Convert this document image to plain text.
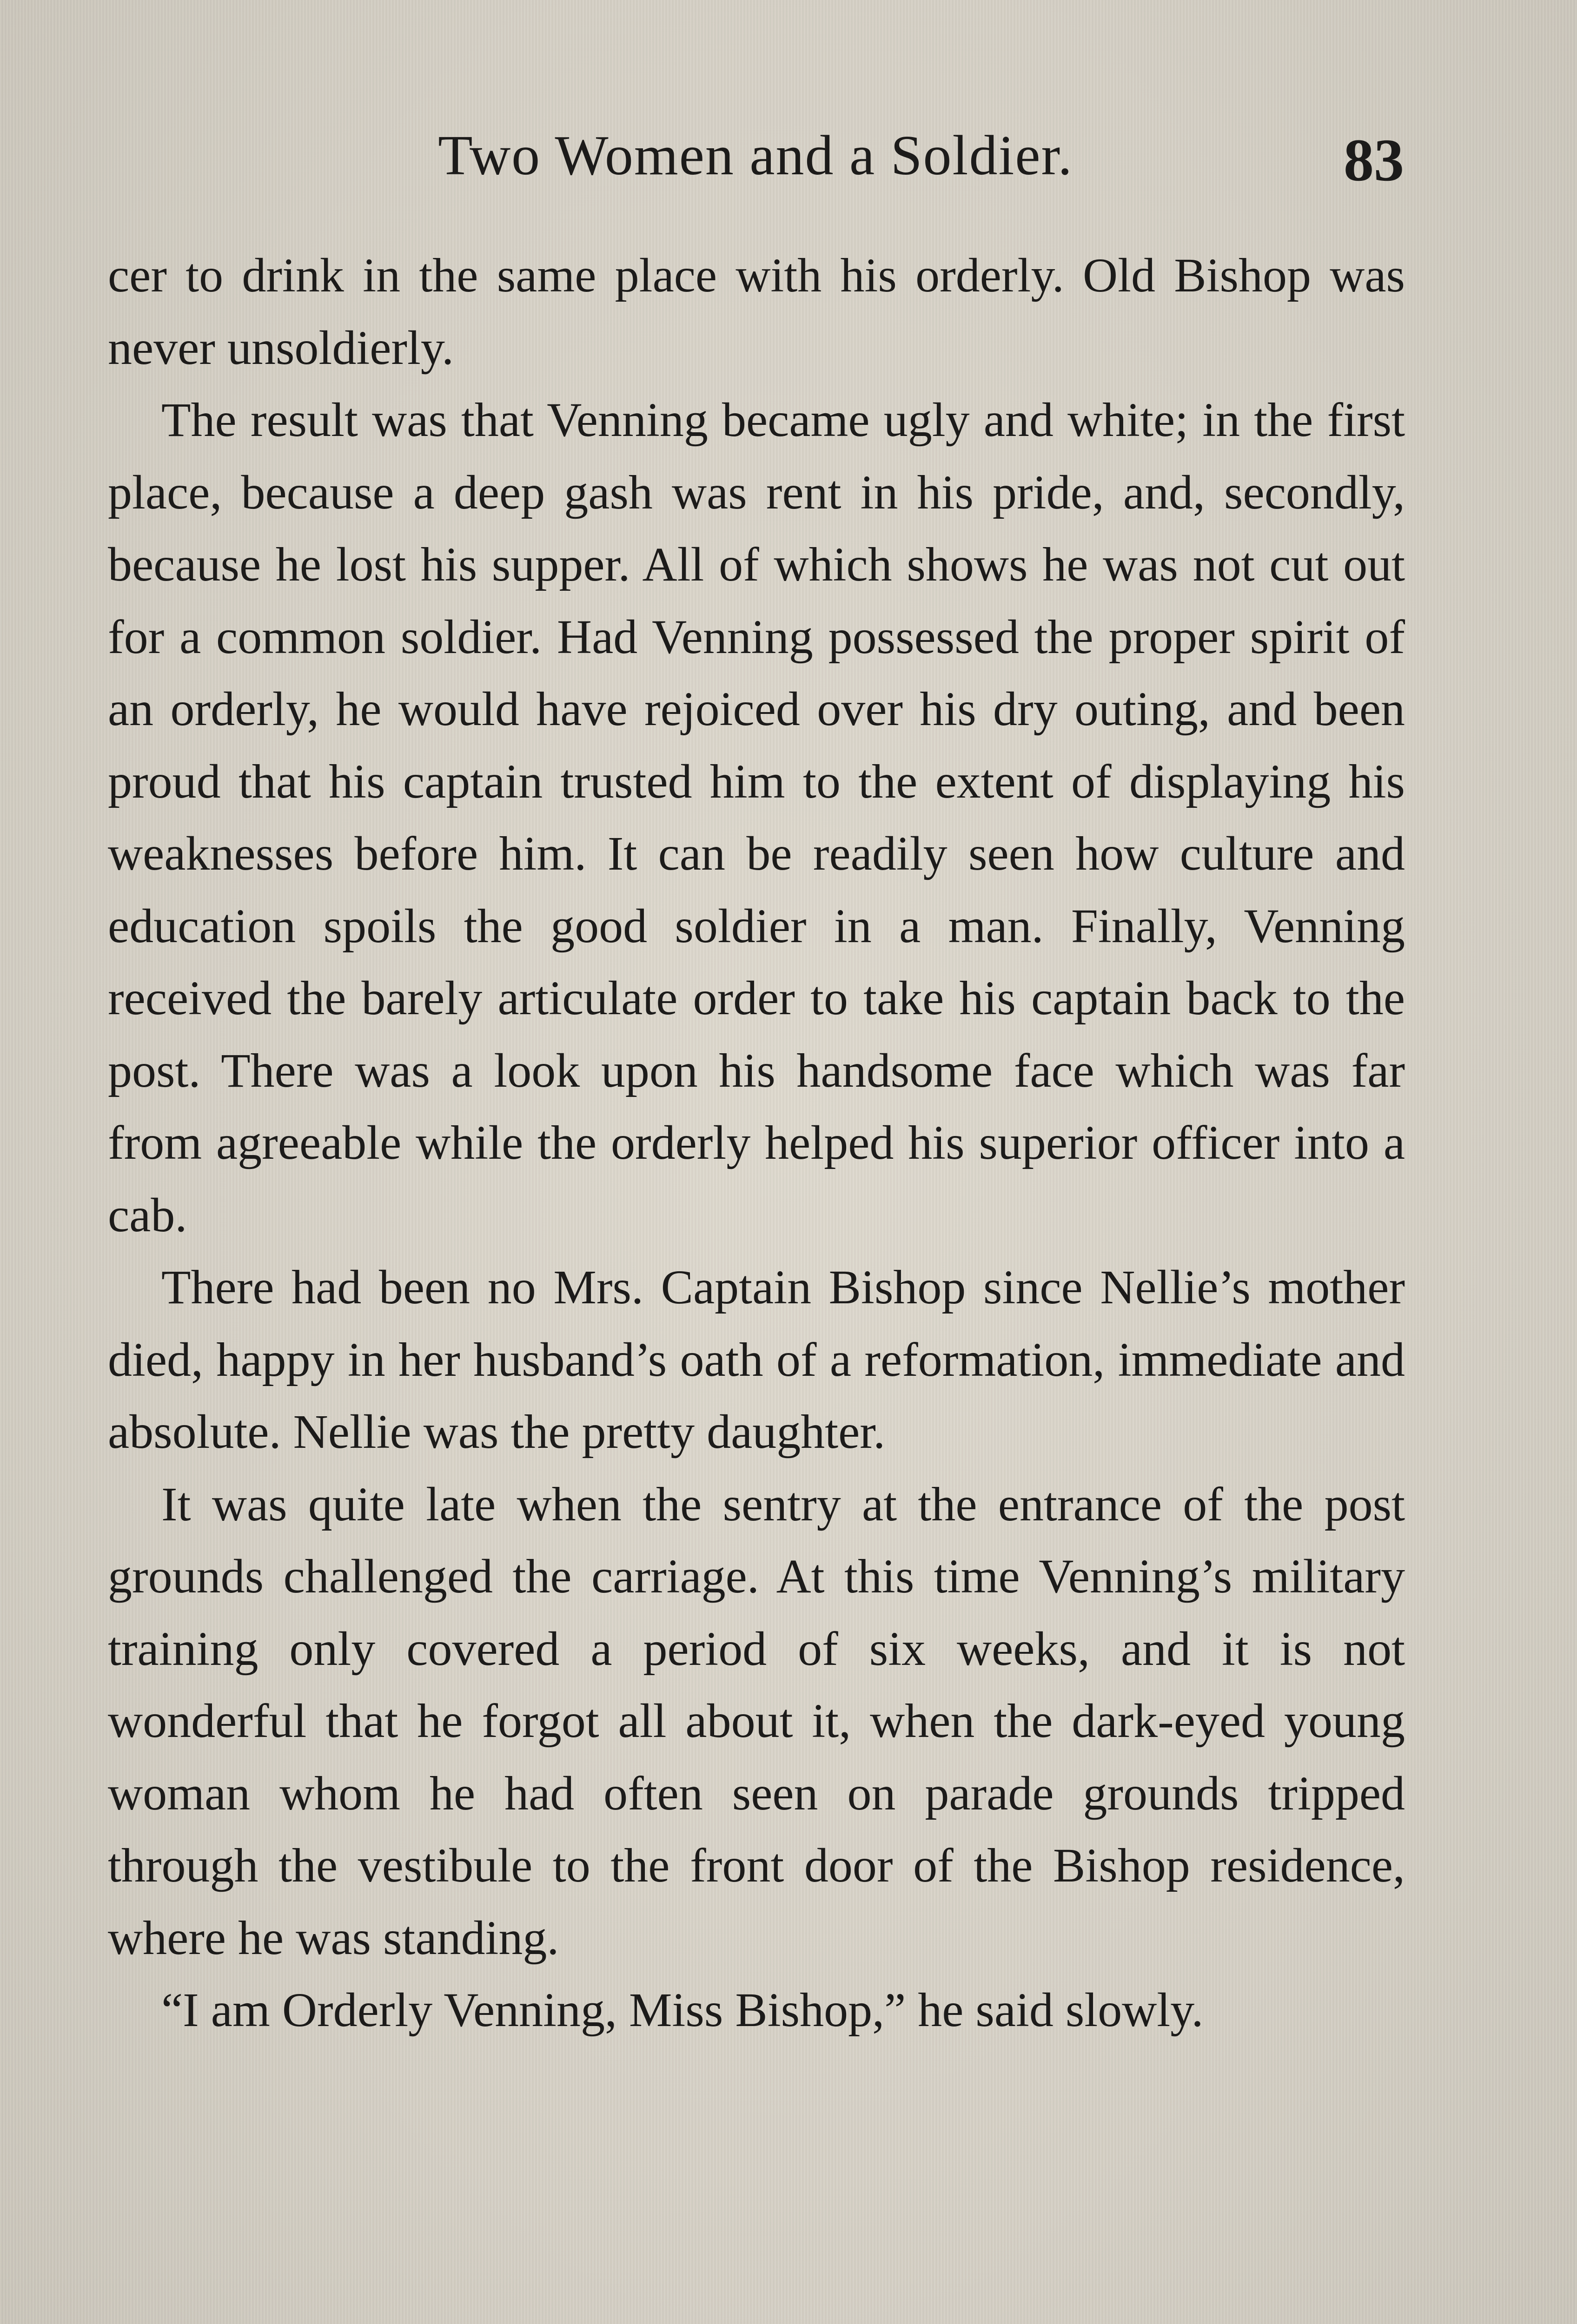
Two Women and a Soldier.	83

cer to drink in the same place with his orderly. Old Bishop was never unsoldierly.

The result was that Venning became ugly and white; in the first place, because a deep gash was rent in his pride, and, secondly, because he lost his supper. All of which shows he was not cut out for a common soldier. Had Venning possessed the proper spirit of an orderly, he would have rejoiced over his dry outing, and been proud that his captain trusted him to the extent of displaying his weaknesses before him. It can be readily seen how culture and education spoils the good soldier in a man. Finally, Venning received the barely articulate order to take his captain back to the post. There was a look upon his handsome face which was far from agreeable while the orderly helped his superior officer into a cab.

There had been no Mrs. Captain Bishop since Nellie’s mother died, happy in her husband’s oath of a reformation, immediate and absolute. Nellie was the pretty daughter.

It was quite late when the sentry at the entrance of the post grounds challenged the carriage. At this time Venning’s military training only covered a period of six weeks, and it is not wonderful that he forgot all about it, when the dark-eyed young woman whom he had often seen on parade grounds tripped through the vestibule to the front door of the Bishop residence, where he was standing.

“I am Orderly Venning, Miss Bishop,” he said slowly.
